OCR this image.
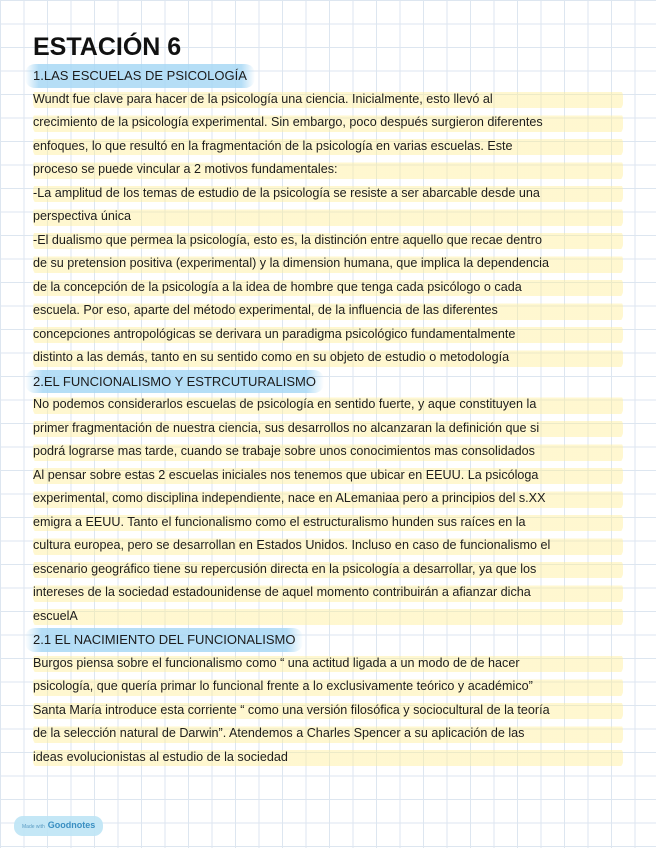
ESTACIÓN 6
1.LAS ESCUELAS DE PSICOLOGÍA

Wundt fue clave para hacer de la psicología una ciencia. Inicialmente, esto llevó al
crecimiento de la psicología experimental. Sin embargo, poco después surgieron diferentes
enfoques, lo que resultó en la fragmentación de la psicología en varias escuelas. Este
proceso se puede vincular a 2 motivos fundamentales:
-La amplitud de los temas de estudio de la psicología se resiste a ser abarcable desde una
perspectiva única
-El dualismo que permea la psicología, esto es, la distinción entre aquello que recae dentro
de su pretension positiva (experimental) y la dimension humana, que implica la dependencia
de la concepción de la psicología a la idea de hombre que tenga cada psicólogo o cada
escuela. Por eso, aparte del método experimental, de la influencia de las diferentes
concepciones antropológicas se derivara un paradigma psicológico fundamentalmente
distinto a las demás, tanto en su sentido como en su objeto de estudio o metodología

2.EL FUNCIONALISMO Y ESTRCUTURALISMO

No podemos considerarlos escuelas de psicología en sentido fuerte, y aque constituyen la
primer fragmentación de nuestra ciencia, sus desarrollos no alcanzaran la definición que si
podrá lograrse mas tarde, cuando se trabaje sobre unos conocimientos mas consolidados
Al pensar sobre estas 2 escuelas iniciales nos tenemos que ubicar en EEUU. La psicóloga
experimental, como disciplina independiente, nace en ALemaniaa pero a principios del s.XX
emigra a EEUU. Tanto el funcionalismo como el estructuralismo hunden sus raíces en la
cultura europea, pero se desarrollan en Estados Unidos. Incluso en caso de funcionalismo el
escenario geográfico tiene su repercusión directa en la psicología a desarrollar, ya que los
intereses de la sociedad estadounidense de aquel momento contribuirán a afianzar dicha
escuelA

2.1 EL NACIMIENTO DEL FUNCIONALISMO

Burgos piensa sobre el funcionalismo como “ una actitud ligada a un modo de de hacer
psicología, que quería primar lo funcional frente a lo exclusivamente teórico y académico”
Santa María introduce esta corriente “ como una versión filosófica y sociocultural de la teoría
de la selección natural de Darwin”. Atendemos a Charles Spencer a su aplicación de las
ideas evolucionistas al estudio de la sociedad

Made with Goodnotes
